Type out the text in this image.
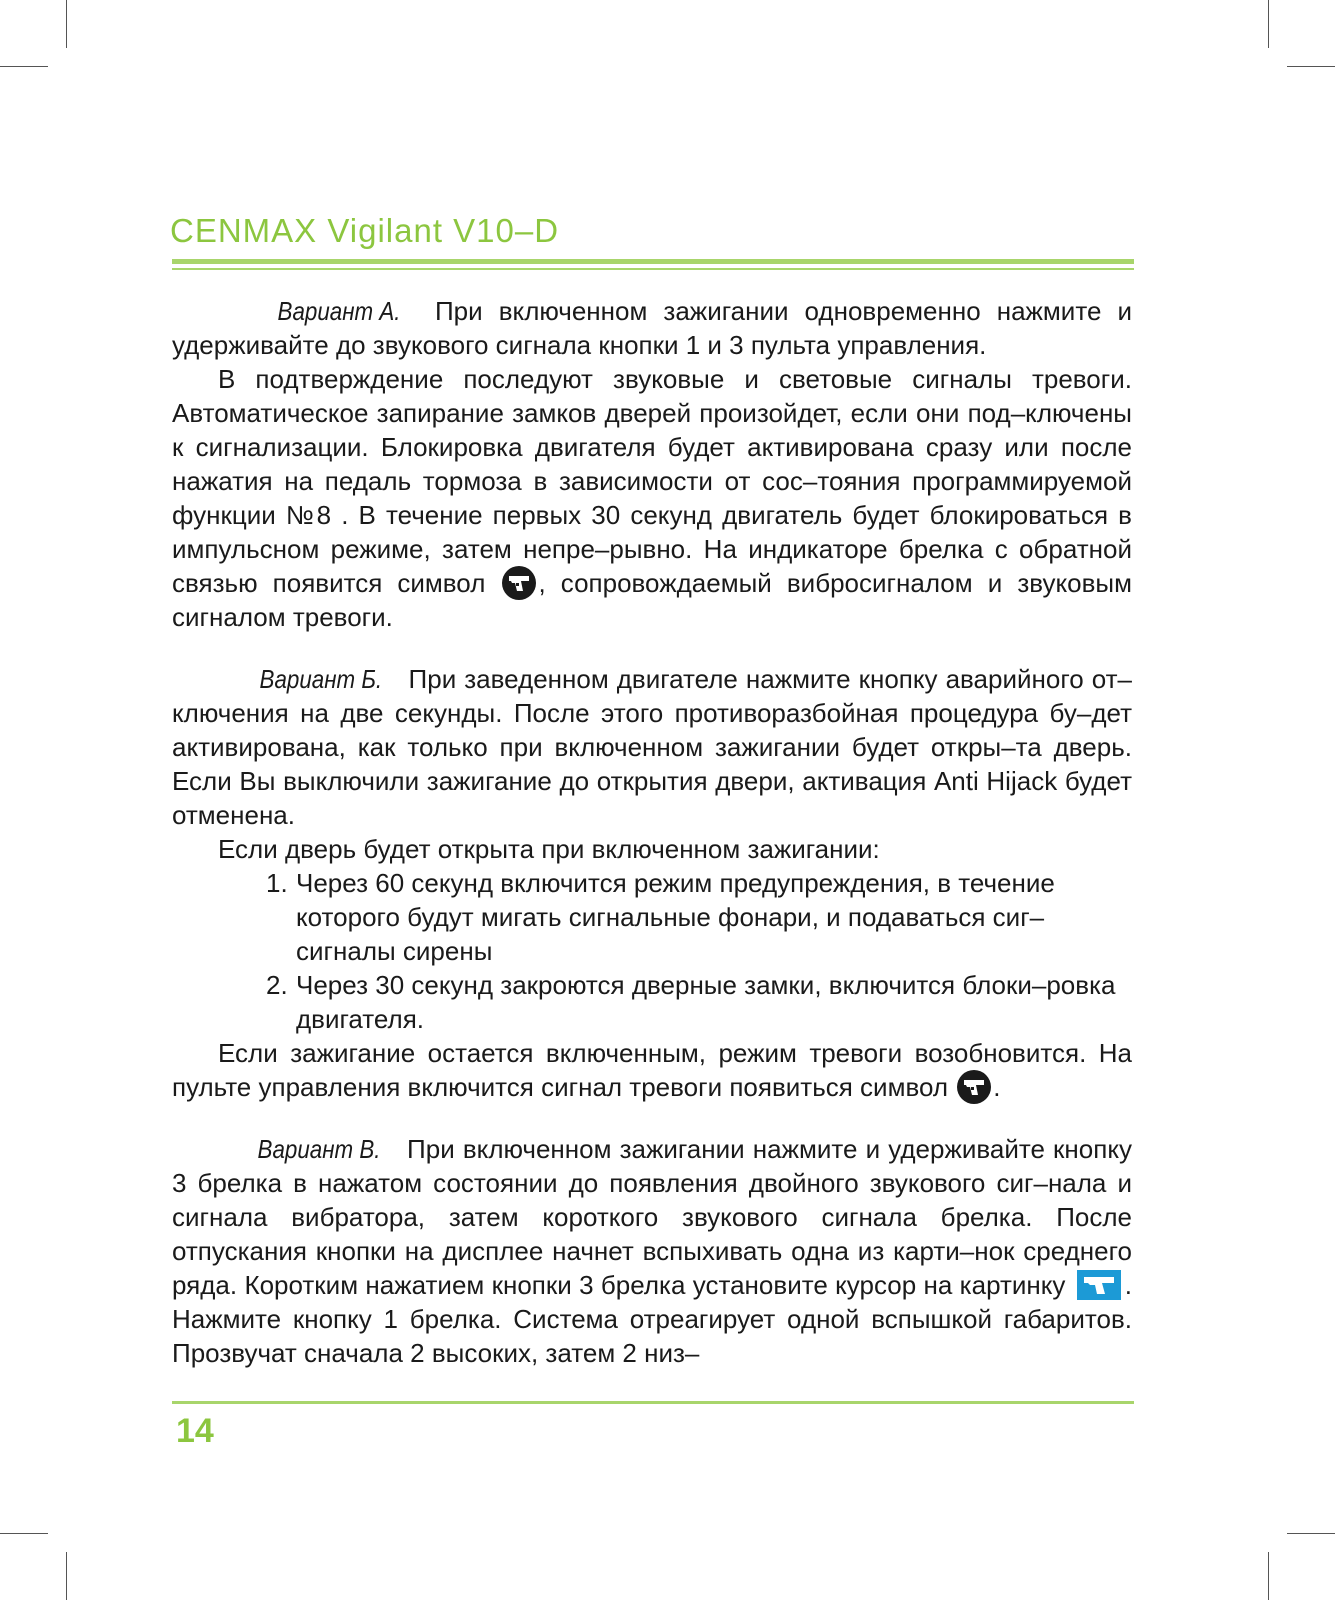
CENMAX Vigilant V10–D

Вариант А. При включенном зажигании одновременно нажмите и удерживайте до звукового сигнала кнопки 1 и 3 пульта управления.

В подтверждение последуют звуковые и световые сигналы тревоги. Автоматическое запирание замков дверей произойдет, если они под–ключены к сигнализации. Блокировка двигателя будет активирована сразу или после нажатия на педаль тормоза в зависимости от сос–тояния программируемой функции №8 . В течение первых 30 секунд двигатель будет блокироваться в импульсном режиме, затем непре–рывно. На индикаторе брелка с обратной связью появится символ , сопровождаемый вибросигналом и звуковым сигналом тревоги.

Вариант Б. При заведенном двигателе нажмите кнопку аварийного от–ключения на две секунды. После этого противоразбойная процедура бу–дет активирована, как только при включенном зажигании будет откры–та дверь. Если Вы выключили зажигание до открытия двери, активация Anti Hijack будет отменена.

Если дверь будет открыта при включенном зажигании:

1. Через 60 секунд включится режим предупреждения, в течение которого будут мигать сигнальные фонари, и подаваться сиг–сигналы сирены
2. Через 30 секунд закроются дверные замки, включится блоки–ровка двигателя.

Если зажигание остается включенным, режим тревоги возобновится. На пульте управления включится сигнал тревоги появиться символ .

Вариант В. При включенном зажигании нажмите и удерживайте кнопку 3 брелка в нажатом состоянии до появления двойного звукового сиг–нала и сигнала вибратора, затем короткого звукового сигнала брелка. После отпускания кнопки на дисплее начнет вспыхивать одна из карти–нок среднего ряда. Коротким нажатием кнопки 3 брелка установите курсор на картинку . Нажмите кнопку 1 брелка. Система отреагирует одной вспышкой габаритов. Прозвучат сначала 2 высоких, затем 2 низ–

14
